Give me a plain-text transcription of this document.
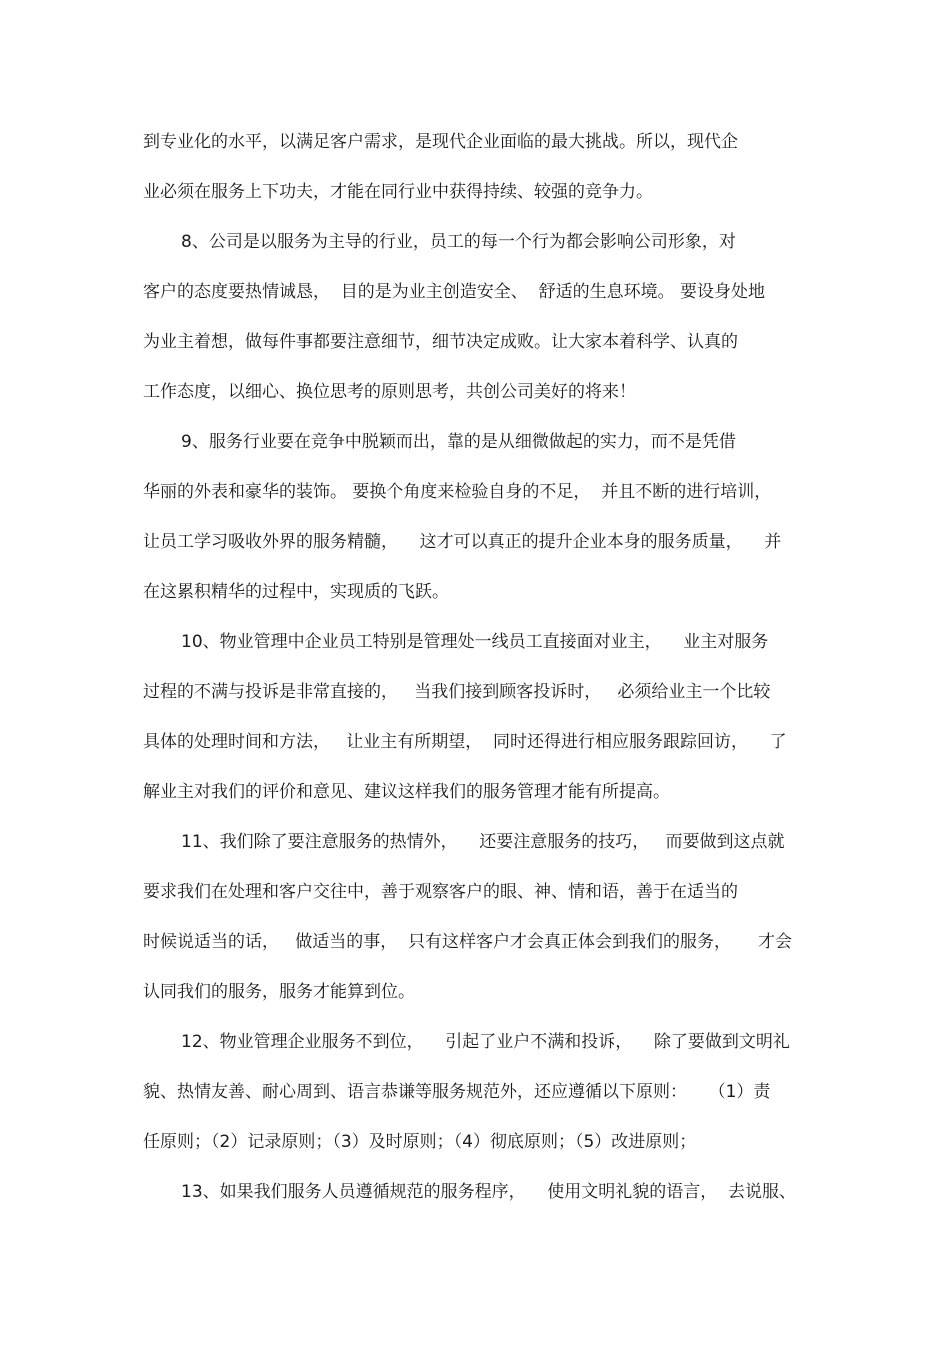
到专业化的水平，以满足客户需求，是现代企业面临的最大挑战。所以，现代企
业必须在服务上下功夫，才能在同行业中获得持续、较强的竞争力。
8、公司是以服务为主导的行业，员工的每一个行为都会影响公司形象，对
客户的态度要热情诚恳，  目的是为业主创造安全、  舒适的生息环境。 要设身处地
为业主着想，做每件事都要注意细节，细节决定成败。让大家本着科学、认真的
工作态度，以细心、换位思考的原则思考，共创公司美好的将来！
9、服务行业要在竞争中脱颖而出，靠的是从细微做起的实力，而不是凭借
华丽的外表和豪华的装饰。 要换个角度来检验自身的不足，  并且不断的进行培训，
让员工学习吸收外界的服务精髓，    这才可以真正的提升企业本身的服务质量，    并
在这累积精华的过程中，实现质的飞跃。
10、物业管理中企业员工特别是管理处一线员工直接面对业主，    业主对服务
过程的不满与投诉是非常直接的，   当我们接到顾客投诉时，   必须给业主一个比较
具体的处理时间和方法，   让业主有所期望，  同时还得进行相应服务跟踪回访，    了
解业主对我们的评价和意见、建议这样我们的服务管理才能有所提高。
11、我们除了要注意服务的热情外，    还要注意服务的技巧，   而要做到这点就
要求我们在处理和客户交往中，善于观察客户的眼、神、情和语，善于在适当的
时候说适当的话，   做适当的事，  只有这样客户才会真正体会到我们的服务，     才会
认同我们的服务，服务才能算到位。
12、物业管理企业服务不到位，    引起了业户不满和投诉，    除了要做到文明礼
貌、热情友善、耐心周到、语言恭谦等服务规范外，还应遵循以下原则：    （1）责
任原则；（2）记录原则；（3）及时原则；（4）彻底原则；（5）改进原则；
13、如果我们服务人员遵循规范的服务程序，    使用文明礼貌的语言，  去说服、
